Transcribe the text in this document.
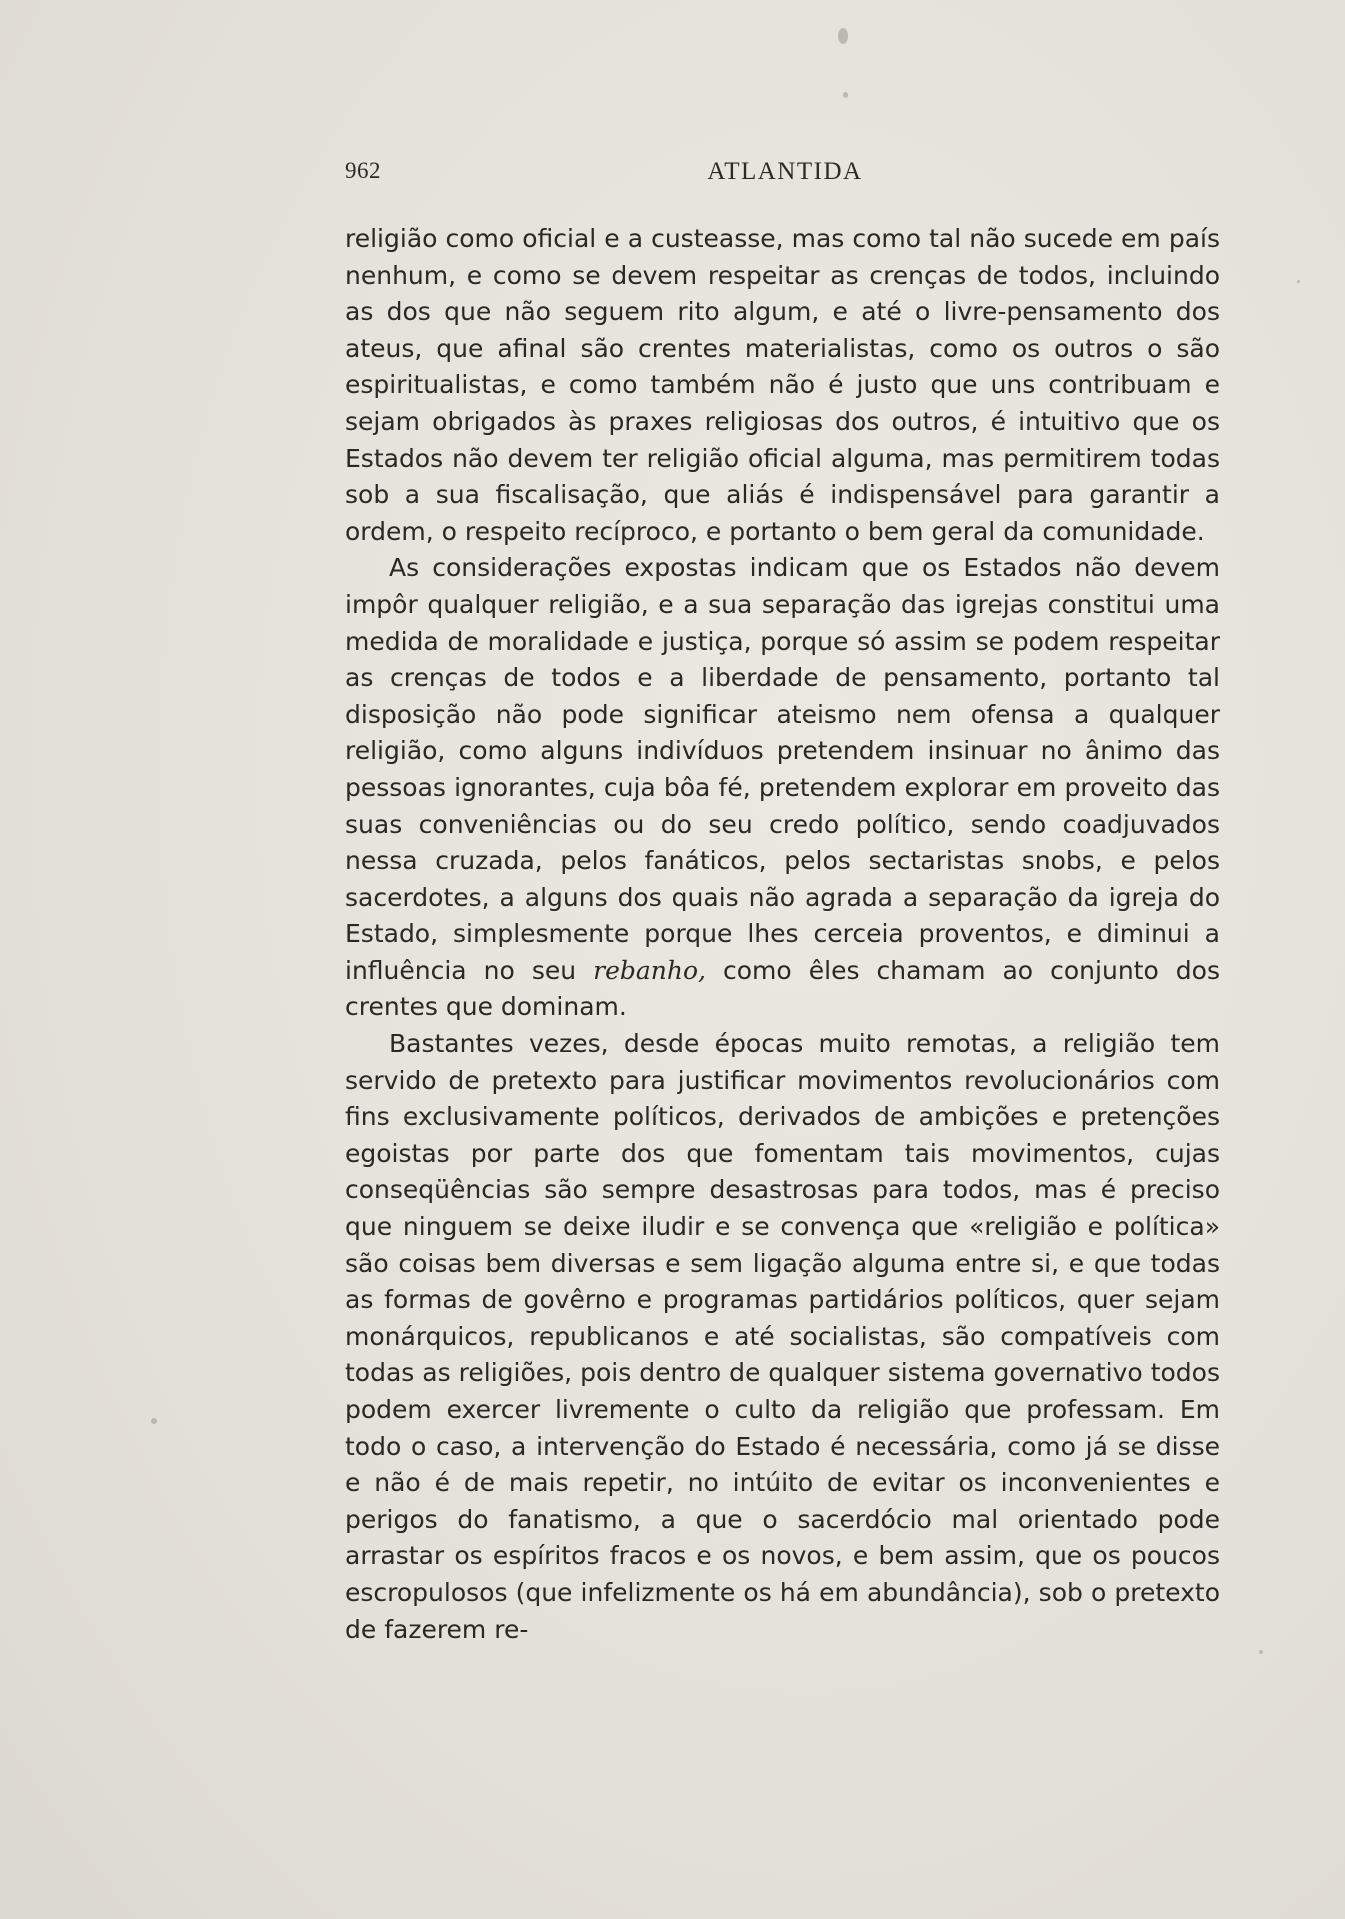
962	ATLANTIDA

religião como oficial e a custeasse, mas como tal não sucede em país nenhum, e como se devem respeitar as crenças de todos, incluindo as dos que não seguem rito algum, e até o livre-pensamento dos ateus, que afinal são crentes materialistas, como os outros o são espiritualistas, e como também não é justo que uns contribuam e sejam obrigados às praxes religiosas dos outros, é intuitivo que os Estados não devem ter religião oficial alguma, mas permitirem todas sob a sua fiscalisação, que aliás é indispensável para garantir a ordem, o respeito recíproco, e portanto o bem geral da comunidade.

As considerações expostas indicam que os Estados não devem impôr qualquer religião, e a sua separação das igrejas constitui uma medida de moralidade e justiça, porque só assim se podem respeitar as crenças de todos e a liberdade de pensamento, portanto tal disposição não pode significar ateismo nem ofensa a qualquer religião, como alguns indivíduos pretendem insinuar no ânimo das pessoas ignorantes, cuja bôa fé, pretendem explorar em proveito das suas conveniências ou do seu credo político, sendo coadjuvados nessa cruzada, pelos fanáticos, pelos sectaristas snobs, e pelos sacerdotes, a alguns dos quais não agrada a separação da igreja do Estado, simplesmente porque lhes cerceia proventos, e diminui a influência no seu rebanho, como êles chamam ao conjunto dos crentes que dominam.

Bastantes vezes, desde épocas muito remotas, a religião tem servido de pretexto para justificar movimentos revolucionários com fins exclusivamente políticos, derivados de ambições e pretenções egoistas por parte dos que fomentam tais movimentos, cujas conseqüências são sempre desastrosas para todos, mas é preciso que ninguem se deixe iludir e se convença que «religião e política» são coisas bem diversas e sem ligação alguma entre si, e que todas as formas de govêrno e programas partidários políticos, quer sejam monárquicos, republicanos e até socialistas, são compatíveis com todas as religiões, pois dentro de qualquer sistema governativo todos podem exercer livremente o culto da religião que professam. Em todo o caso, a intervenção do Estado é necessária, como já se disse e não é de mais repetir, no intúito de evitar os inconvenientes e perigos do fanatismo, a que o sacerdócio mal orientado pode arrastar os espíritos fracos e os novos, e bem assim, que os poucos escropulosos (que infelizmente os há em abundância), sob o pretexto de fazerem re-
